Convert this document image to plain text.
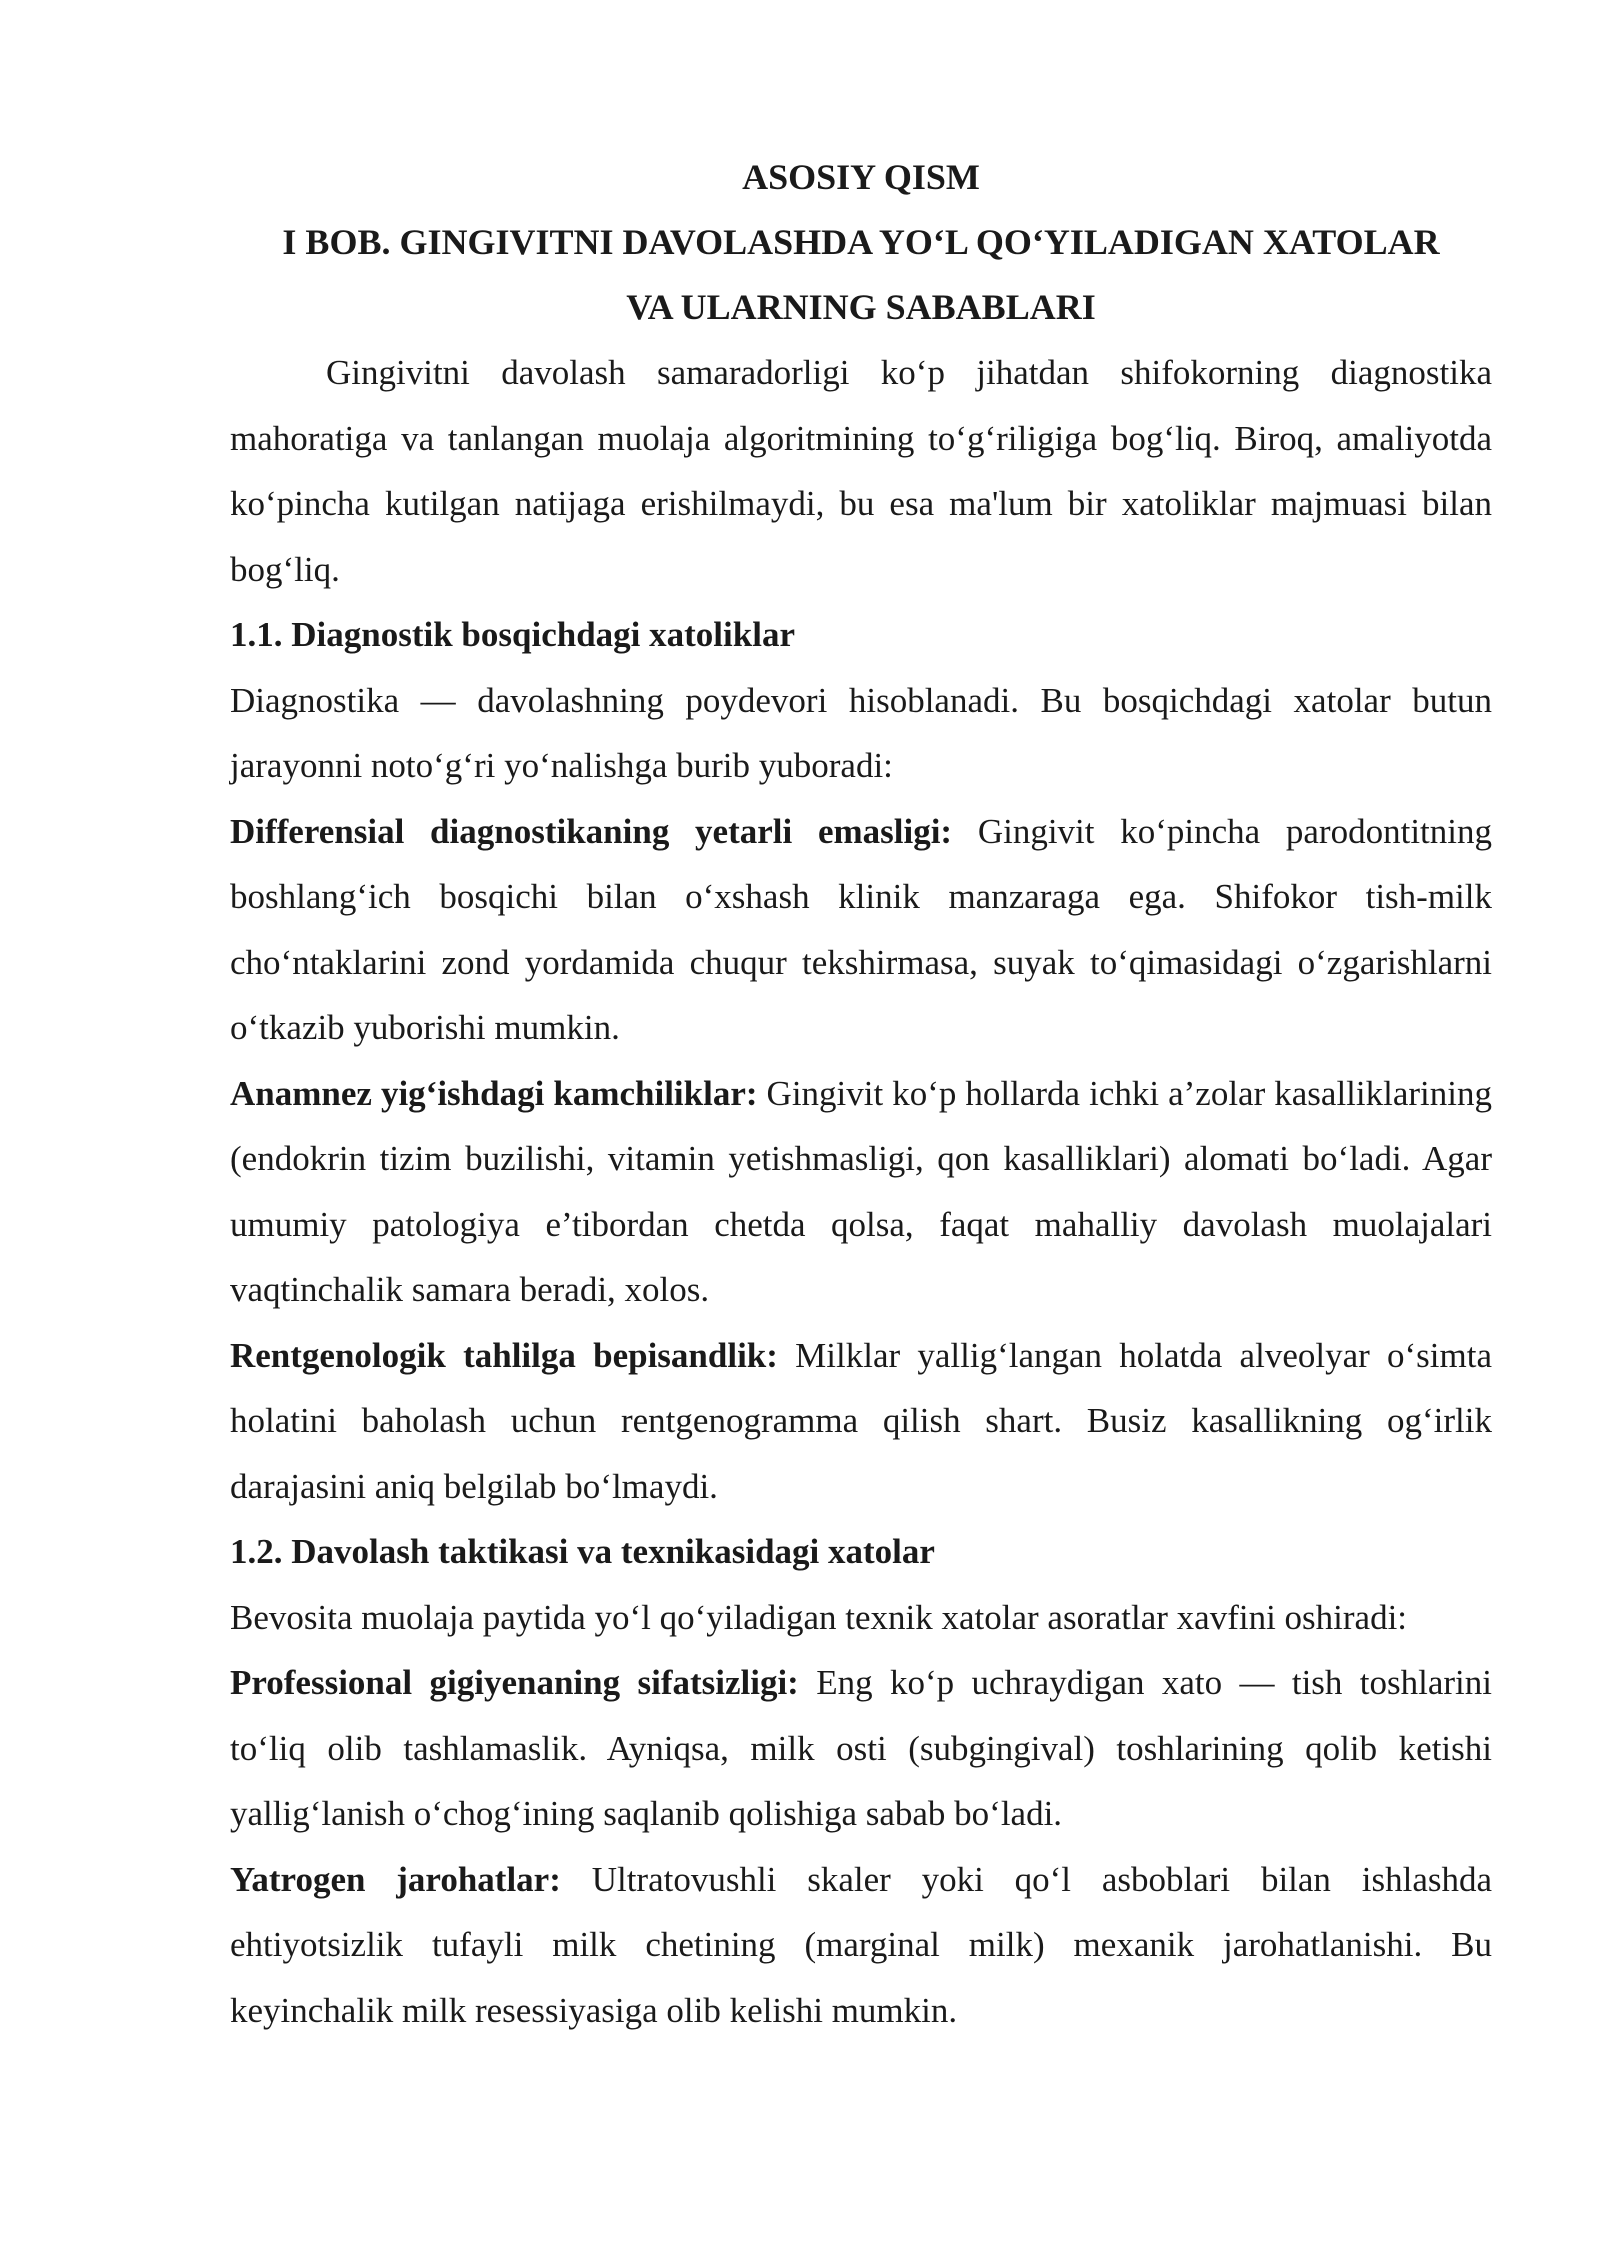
ASOSIY QISM

I BOB. GINGIVITNI DAVOLASHDA YO‘L QO‘YILADIGAN XATOLAR

VA ULARNING SABABLARI

Gingivitni davolash samaradorligi ko‘p jihatdan shifokorning diagnostika mahoratiga va tanlangan muolaja algoritmining to‘g‘riligiga bog‘liq. Biroq, amaliyotda ko‘pincha kutilgan natijaga erishilmaydi, bu esa ma'lum bir xatoliklar majmuasi bilan bog‘liq.

1.1. Diagnostik bosqichdagi xatoliklar

Diagnostika — davolashning poydevori hisoblanadi. Bu bosqichdagi xatolar butun jarayonni noto‘g‘ri yo‘nalishga burib yuboradi:

Differensial diagnostikaning yetarli emasligi: Gingivit ko‘pincha parodontitning boshlang‘ich bosqichi bilan o‘xshash klinik manzaraga ega. Shifokor tish-milk cho‘ntaklarini zond yordamida chuqur tekshirmasa, suyak to‘qimasidagi o‘zgarishlarni o‘tkazib yuborishi mumkin.

Anamnez yig‘ishdagi kamchiliklar: Gingivit ko‘p hollarda ichki a’zolar kasalliklarining (endokrin tizim buzilishi, vitamin yetishmasligi, qon kasalliklari) alomati bo‘ladi. Agar umumiy patologiya e’tibordan chetda qolsa, faqat mahalliy davolash muolajalari vaqtinchalik samara beradi, xolos.

Rentgenologik tahlilga bepisandlik: Milklar yallig‘langan holatda alveolyar o‘simta holatini baholash uchun rentgenogramma qilish shart. Busiz kasallikning og‘irlik darajasini aniq belgilab bo‘lmaydi.

1.2. Davolash taktikasi va texnikasidagi xatolar

Bevosita muolaja paytida yo‘l qo‘yiladigan texnik xatolar asoratlar xavfini oshiradi:

Professional gigiyenaning sifatsizligi: Eng ko‘p uchraydigan xato — tish toshlarini to‘liq olib tashlamaslik. Ayniqsa, milk osti (subgingival) toshlarining qolib ketishi yallig‘lanish o‘chog‘ining saqlanib qolishiga sabab bo‘ladi.

Yatrogen jarohatlar: Ultratovushli skaler yoki qo‘l asboblari bilan ishlashda ehtiyotsizlik tufayli milk chetining (marginal milk) mexanik jarohatlanishi. Bu keyinchalik milk resessiyasiga olib kelishi mumkin.
